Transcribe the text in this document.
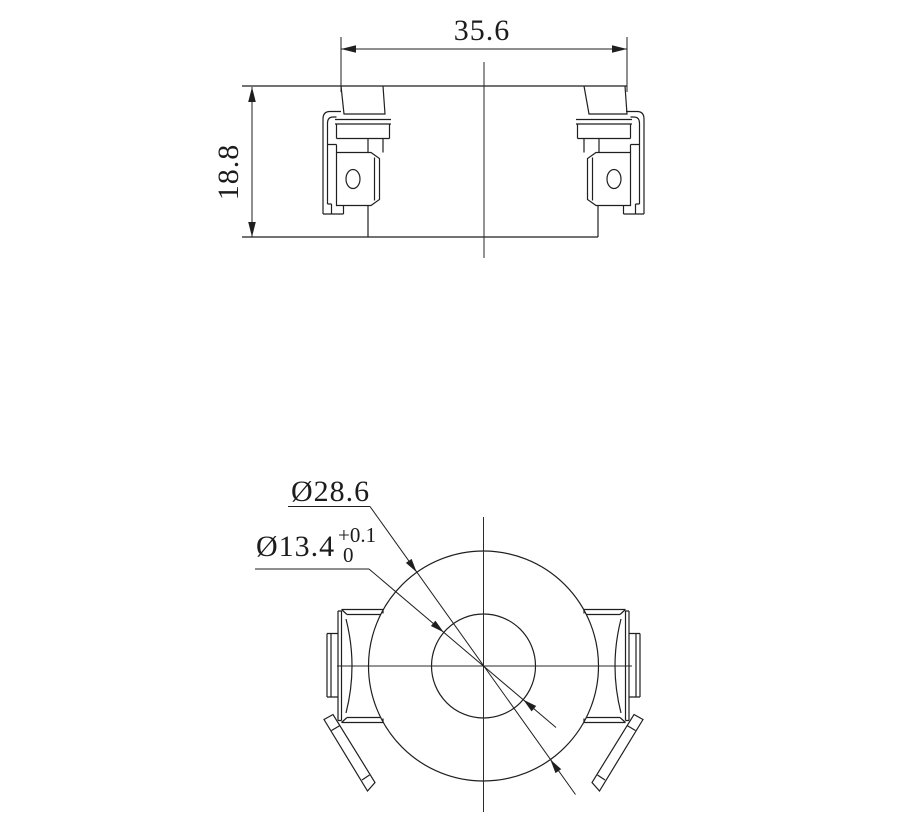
35.6
18.8
Ø28.6
Ø13.4 +0.1
0
